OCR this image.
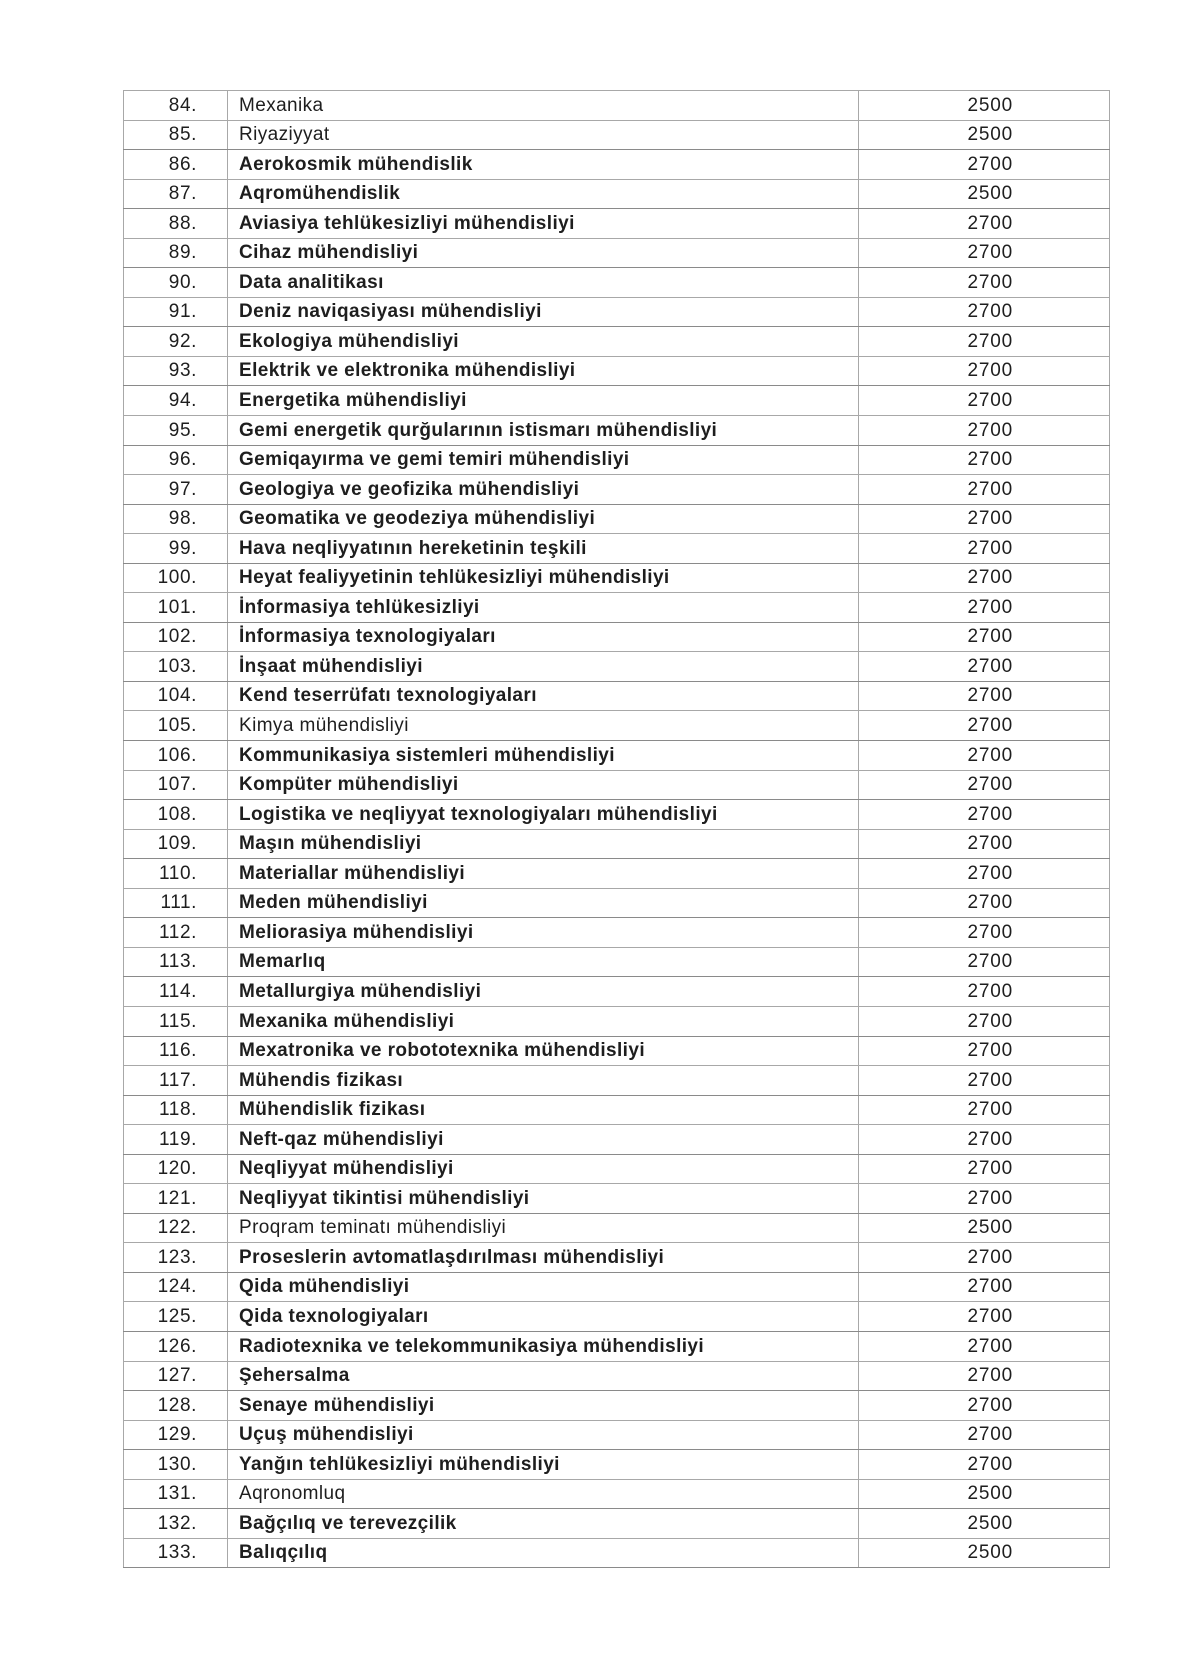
84.	Mexanika	2500
85.	Riyaziyyat	2500
86.	Aerokosmik mühendislik	2700
87.	Aqromühendislik	2500
88.	Aviasiya tehlükesizliyi mühendisliyi	2700
89.	Cihaz mühendisliyi	2700
90.	Data analitikası	2700
91.	Deniz naviqasiyası mühendisliyi	2700
92.	Ekologiya mühendisliyi	2700
93.	Elektrik ve elektronika mühendisliyi	2700
94.	Energetika mühendisliyi	2700
95.	Gemi energetik qurğularının istismarı mühendisliyi	2700
96.	Gemiqayırma ve gemi temiri mühendisliyi	2700
97.	Geologiya ve geofizika mühendisliyi	2700
98.	Geomatika ve geodeziya mühendisliyi	2700
99.	Hava neqliyyatının hereketinin teşkili	2700
100.	Heyat fealiyyetinin tehlükesizliyi mühendisliyi	2700
101.	İnformasiya tehlükesizliyi	2700
102.	İnformasiya texnologiyaları	2700
103.	İnşaat mühendisliyi	2700
104.	Kend teserrüfatı texnologiyaları	2700
105.	Kimya mühendisliyi	2700
106.	Kommunikasiya sistemleri mühendisliyi	2700
107.	Kompüter mühendisliyi	2700
108.	Logistika ve neqliyyat texnologiyaları mühendisliyi	2700
109.	Maşın mühendisliyi	2700
110.	Materiallar mühendisliyi	2700
111.	Meden mühendisliyi	2700
112.	Meliorasiya mühendisliyi	2700
113.	Memarlıq	2700
114.	Metallurgiya mühendisliyi	2700
115.	Mexanika mühendisliyi	2700
116.	Mexatronika ve robototexnika mühendisliyi	2700
117.	Mühendis fizikası	2700
118.	Mühendislik fizikası	2700
119.	Neft-qaz mühendisliyi	2700
120.	Neqliyyat mühendisliyi	2700
121.	Neqliyyat tikintisi mühendisliyi	2700
122.	Proqram teminatı mühendisliyi	2500
123.	Proseslerin avtomatlaşdırılması mühendisliyi	2700
124.	Qida mühendisliyi	2700
125.	Qida texnologiyaları	2700
126.	Radiotexnika ve telekommunikasiya mühendisliyi	2700
127.	Şehersalma	2700
128.	Senaye mühendisliyi	2700
129.	Uçuş mühendisliyi	2700
130.	Yanğın tehlükesizliyi mühendisliyi	2700
131.	Aqronomluq	2500
132.	Bağçılıq ve terevezçilik	2500
133.	Balıqçılıq	2500
